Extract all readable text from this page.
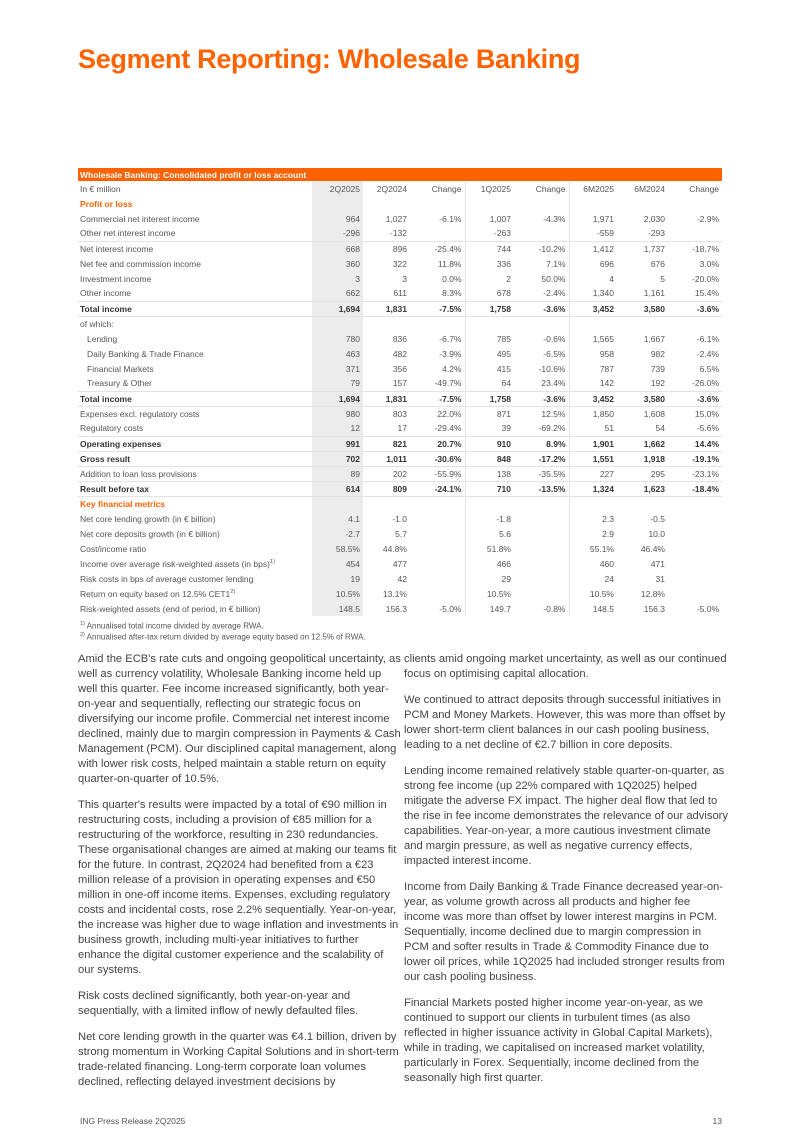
Segment Reporting: Wholesale Banking
Wholesale Banking: Consolidated profit or loss account								
In € million	2Q2025	2Q2024	Change	1Q2025	Change	6M2025	6M2024	Change
Profit or loss								
Commercial net interest income	964	1,027	-6.1%	1,007	-4.3%	1,971	2,030	-2.9%
Other net interest income	-296	-132		-263		-559	-293	
Net interest income	668	896	-25.4%	744	-10.2%	1,412	1,737	-18.7%
Net fee and commission income	360	322	11.8%	336	7.1%	696	676	3.0%
Investment income	3	3	0.0%	2	50.0%	4	5	-20.0%
Other income	662	611	8.3%	678	-2.4%	1,340	1,161	15.4%
Total income	1,694	1,831	-7.5%	1,758	-3.6%	3,452	3,580	-3.6%
of which:								
Lending	780	836	-6.7%	785	-0.6%	1,565	1,667	-6.1%
Daily Banking & Trade Finance	463	482	-3.9%	495	-6.5%	958	982	-2.4%
Financial Markets	371	356	4.2%	415	-10.6%	787	739	6.5%
Treasury & Other	79	157	-49.7%	64	23.4%	142	192	-26.0%
Total income	1,694	1,831	-7.5%	1,758	-3.6%	3,452	3,580	-3.6%
Expenses excl. regulatory costs	980	803	22.0%	871	12.5%	1,850	1,608	15.0%
Regulatory costs	12	17	-29.4%	39	-69.2%	51	54	-5.6%
Operating expenses	991	821	20.7%	910	8.9%	1,901	1,662	14.4%
Gross result	702	1,011	-30.6%	848	-17.2%	1,551	1,918	-19.1%
Addition to loan loss provisions	89	202	-55.9%	138	-35.5%	227	295	-23.1%
Result before tax	614	809	-24.1%	710	-13.5%	1,324	1,623	-18.4%
Key financial metrics								
Net core lending growth (in € billion)	4.1	-1.0		-1.8		2.3	-0.5	
Net core deposits growth (in € billion)	-2.7	5.7		5.6		2.9	10.0	
Cost/income ratio	58.5%	44.8%		51.8%		55.1%	46.4%	
Income over average risk-weighted assets (in bps)$^{1)}$	454	477		466		460	471	
Risk costs in bps of average customer lending	19	42		29		24	31	
Return on equity based on 12.5% CET1$^{2)}$	10.5%	13.1%		10.5%		10.5%	12.8%	
Risk-weighted assets (end of period, in € billion)	148.5	156.3	-5.0%	149.7	-0.8%	148.5	156.3	-5.0%
$^{1)}$ Annualised total income divided by average RWA.
$^{2)}$ Annualised after-tax return divided by average equity based on 12.5% of RWA.

Amid the ECB's rate cuts and ongoing geopolitical uncertainty, as well as currency volatility, Wholesale Banking income held up well this quarter. Fee income increased significantly, both year-on-year and sequentially, reflecting our strategic focus on diversifying our income profile. Commercial net interest income declined, mainly due to margin compression in Payments & Cash Management (PCM). Our disciplined capital management, along with lower risk costs, helped maintain a stable return on equity quarter-on-quarter of 10.5%.

This quarter's results were impacted by a total of €90 million in restructuring costs, including a provision of €85 million for a restructuring of the workforce, resulting in 230 redundancies. These organisational changes are aimed at making our teams fit for the future. In contrast, 2Q2024 had benefited from a €23 million release of a provision in operating expenses and €50 million in one-off income items. Expenses, excluding regulatory costs and incidental costs, rose 2.2% sequentially. Year-on-year, the increase was higher due to wage inflation and investments in business growth, including multi-year initiatives to further enhance the digital customer experience and the scalability of our systems.

Risk costs declined significantly, both year-on-year and sequentially, with a limited inflow of newly defaulted files.

Net core lending growth in the quarter was €4.1 billion, driven by strong momentum in Working Capital Solutions and in short-term trade-related financing. Long-term corporate loan volumes declined, reflecting delayed investment decisions by

clients amid ongoing market uncertainty, as well as our continued focus on optimising capital allocation.

We continued to attract deposits through successful initiatives in PCM and Money Markets. However, this was more than offset by lower short-term client balances in our cash pooling business, leading to a net decline of €2.7 billion in core deposits.

Lending income remained relatively stable quarter-on-quarter, as strong fee income (up 22% compared with 1Q2025) helped mitigate the adverse FX impact. The higher deal flow that led to the rise in fee income demonstrates the relevance of our advisory capabilities. Year-on-year, a more cautious investment climate and margin pressure, as well as negative currency effects, impacted interest income.

Income from Daily Banking & Trade Finance decreased year-on-year, as volume growth across all products and higher fee income was more than offset by lower interest margins in PCM. Sequentially, income declined due to margin compression in PCM and softer results in Trade & Commodity Finance due to lower oil prices, while 1Q2025 had included stronger results from our cash pooling business.

Financial Markets posted higher income year-on-year, as we continued to support our clients in turbulent times (as also reflected in higher issuance activity in Global Capital Markets), while in trading, we capitalised on increased market volatility, particularly in Forex. Sequentially, income declined from the seasonally high first quarter.

ING Press Release 2Q2025	13
